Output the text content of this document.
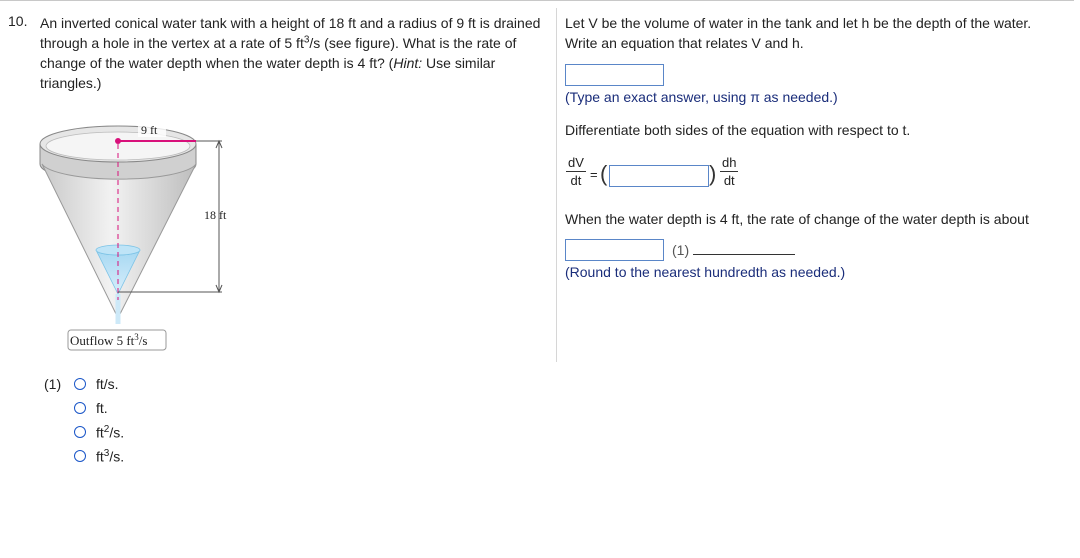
10. An inverted conical water tank with a height of 18 ft and a radius of 9 ft is drained through a hole in the vertex at a rate of 5 $ft^3/s$ (see figure). What is the rate of change of the water depth when the water depth is 4 ft? (Hint: Use similar triangles.)
9 ft
18 ft
Outflow 5 $ft^3/s$
(1) ft/s.
ft.
$ft^2/s$.
$ft^3/s$.
Let V be the volume of water in the tank and let h be the depth of the water. Write an equation that relates V and h.
(Type an exact answer, using π as needed.)
Differentiate both sides of the equation with respect to t.
dV
dt = (	) dh
dt
When the water depth is 4 ft, the rate of change of the water depth is about
(1)
(Round to the nearest hundredth as needed.)
